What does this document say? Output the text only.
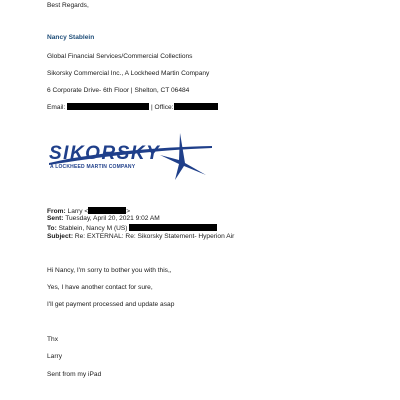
Best Regards,
Nancy Stablein
Global Financial Services/Commercial Collections
Sikorsky Commercial Inc., A Lockheed Martin Company
6 Corporate Drive- 6th Floor | Shelton, CT 06484
Email:	| Office:
SIKORSKY
A LOCKHEED MARTIN COMPANY
From: Larry <	>
Sent: Tuesday, April 20, 2021 9:02 AM
To: Stablein, Nancy M (US)
Subject: Re: EXTERNAL: Re: Sikorsky Statement- Hyperion Air
Hi Nancy, I'm sorry to bother you with this,,
Yes, I have another contact for sure,
I'll get payment processed and update asap
Thx
Larry
Sent from my iPad
